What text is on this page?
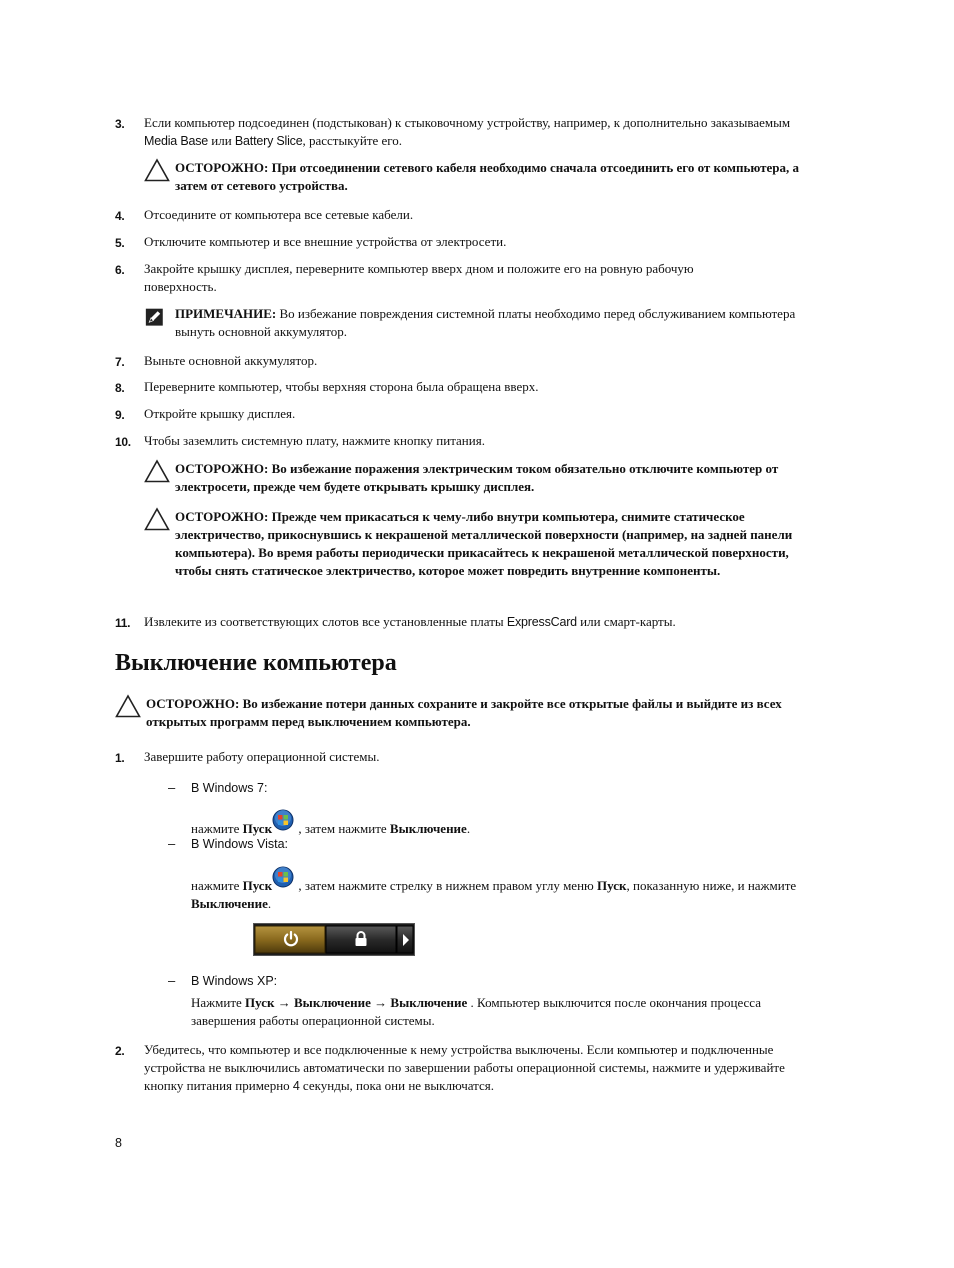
3.	Если компьютер подсоединен (подстыкован) к стыковочному устройству, например, к дополнительно заказываемым Media Base или Battery Slice, расстыкуйте его.
ОСТОРОЖНО: При отсоединении сетевого кабеля необходимо сначала отсоединить его от компьютера, а затем от сетевого устройства.
4.	Отсоедините от компьютера все сетевые кабели.
5.	Отключите компьютер и все внешние устройства от электросети.
6.	Закройте крышку дисплея, переверните компьютер вверх дном и положите его на ровную рабочую поверхность.
ПРИМЕЧАНИЕ: Во избежание повреждения системной платы необходимо перед обслуживанием компьютера вынуть основной аккумулятор.
7.	Выньте основной аккумулятор.
8.	Переверните компьютер, чтобы верхняя сторона была обращена вверх.
9.	Откройте крышку дисплея.
10.	Чтобы заземлить системную плату, нажмите кнопку питания.
ОСТОРОЖНО: Во избежание поражения электрическим током обязательно отключите компьютер от электросети, прежде чем будете открывать крышку дисплея.
ОСТОРОЖНО: Прежде чем прикасаться к чему-либо внутри компьютера, снимите статическое электричество, прикоснувшись к некрашеной металлической поверхности (например, на задней панели компьютера). Во время работы периодически прикасайтесь к некрашеной металлической поверхности, чтобы снять статическое электричество, которое может повредить внутренние компоненты.
11.	Извлеките из соответствующих слотов все установленные платы ExpressCard или смарт-карты.
Выключение компьютера
ОСТОРОЖНО: Во избежание потери данных сохраните и закройте все открытые файлы и выйдите из всех открытых программ перед выключением компьютера.
1.	Завершите работу операционной системы.
– В Windows 7:
нажмите Пуск , затем нажмите Выключение.
– В Windows Vista:
нажмите Пуск , затем нажмите стрелку в нижнем правом углу меню Пуск, показанную ниже, и нажмите Выключение.
– В Windows XP:
Нажмите Пуск → Выключение → Выключение . Компьютер выключится после окончания процесса завершения работы операционной системы.
2.	Убедитесь, что компьютер и все подключенные к нему устройства выключены. Если компьютер и подключенные устройства не выключились автоматически по завершении работы операционной системы, нажмите и удерживайте кнопку питания примерно 4 секунды, пока они не выключатся.
8
